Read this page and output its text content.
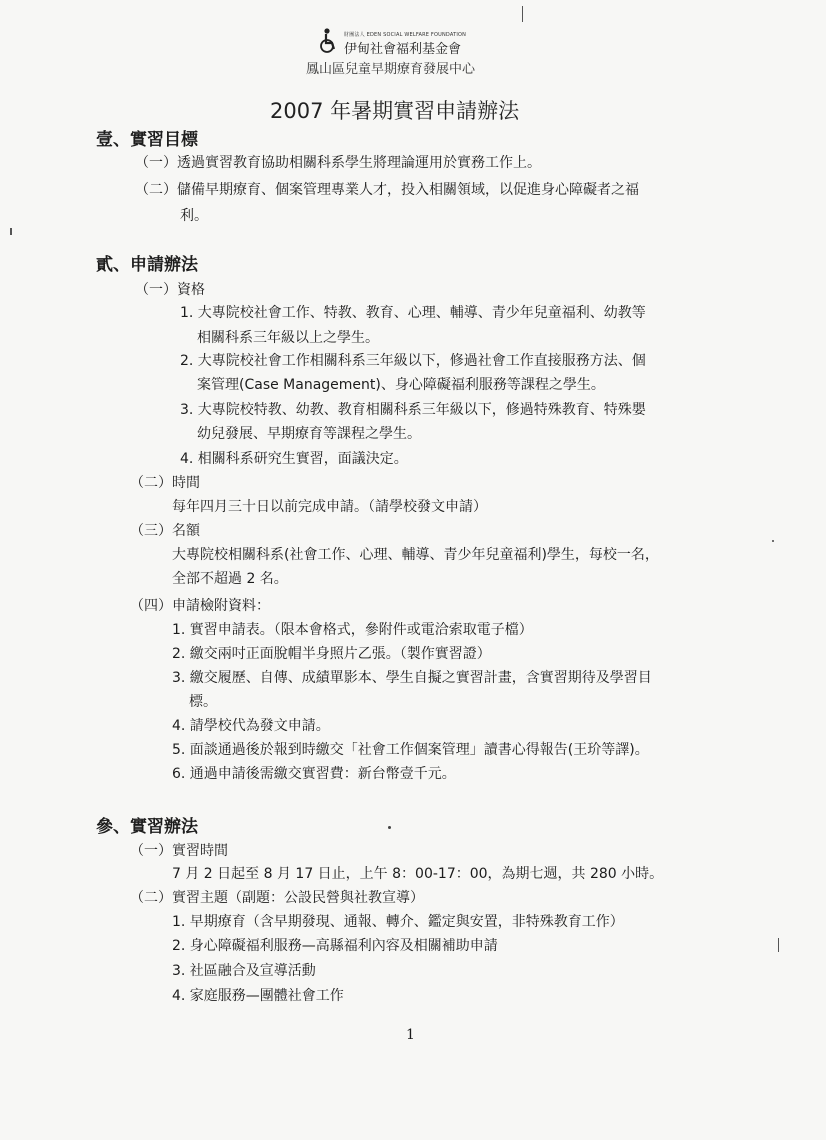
財團法人 EDEN SOCIAL WELFARE FOUNDATION
伊甸社會福利基金會
鳳山區兒童早期療育發展中心
2007 年暑期實習申請辦法
壹、實習目標
（一）透過實習教育協助相關科系學生將理論運用於實務工作上。
（二）儲備早期療育、個案管理專業人才，投入相關領域，以促進身心障礙者之福
利。
貳、申請辦法
（一）資格
1. 大專院校社會工作、特教、教育、心理、輔導、青少年兒童福利、幼教等
相關科系三年級以上之學生。
2. 大專院校社會工作相關科系三年級以下，修過社會工作直接服務方法、個
案管理(Case Management)、身心障礙福利服務等課程之學生。
3. 大專院校特教、幼教、教育相關科系三年級以下，修過特殊教育、特殊嬰
幼兒發展、早期療育等課程之學生。
4. 相關科系研究生實習，面議決定。
（二）時間
每年四月三十日以前完成申請。（請學校發文申請）
（三）名額
大專院校相關科系(社會工作、心理、輔導、青少年兒童福利)學生，每校一名，
全部不超過 2 名。
（四）申請檢附資料：
1. 實習申請表。（限本會格式，參附件或電洽索取電子檔）
2. 繳交兩吋正面脫帽半身照片乙張。（製作實習證）
3. 繳交履歷、自傳、成績單影本、學生自擬之實習計畫，含實習期待及學習目
標。
4. 請學校代為發文申請。
5. 面談通過後於報到時繳交「社會工作個案管理」讀書心得報告(王玠等譯)。
6. 通過申請後需繳交實習費：新台幣壹千元。
參、實習辦法
（一）實習時間
7 月 2 日起至 8 月 17 日止，上午 8：00-17：00，為期七週，共 280 小時。
（二）實習主題（副題：公設民營與社教宣導）
1. 早期療育（含早期發現、通報、轉介、鑑定與安置，非特殊教育工作）
2. 身心障礙福利服務—高縣福利內容及相關補助申請
3. 社區融合及宣導活動
4. 家庭服務—團體社會工作
1
